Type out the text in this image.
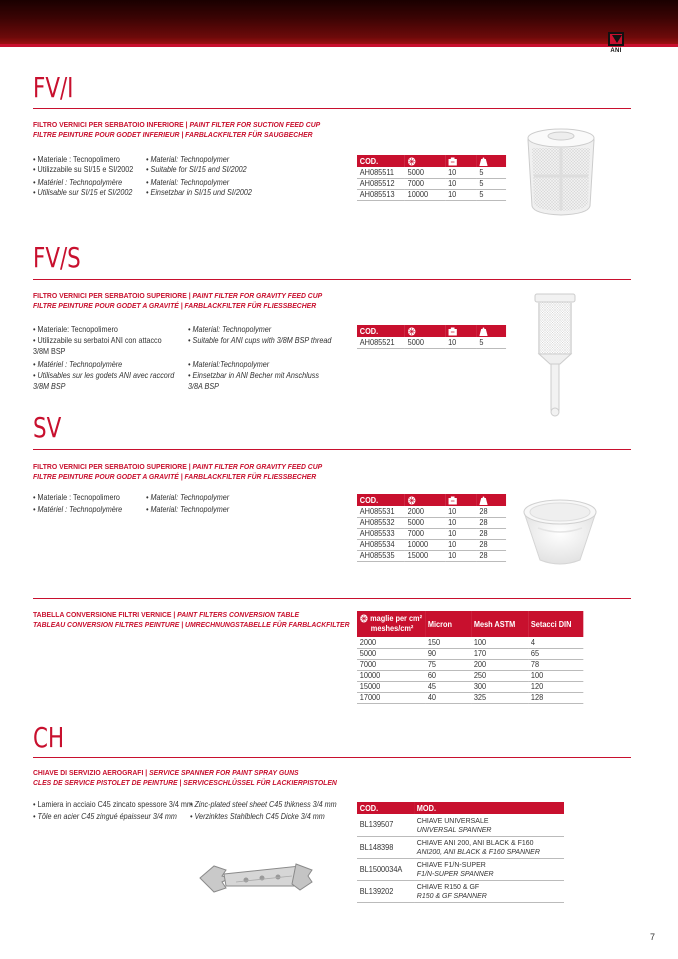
ANI
FV/I
FILTRO VERNICI PER SERBATOIO INFERIORE | PAINT FILTER FOR SUCTION FEED CUP
FILTRE PEINTURE POUR GODET INFERIEUR | FARBLACKFILTER FÜR SAUGBECHER
• Materiale : Tecnopolimero
• Utilizzabile su SI/15 e SI/2002
• Matériel : Technopolymère
• Utilisable sur SI/15 et SI/2002
• Material: Technopolymer
• Suitable for SI/15 and SI/2002
• Material: Technopolymer
• Einsetzbar in SI/15 und SI/2002
COD.			
AH085511	5000	10	5
AH085512	7000	10	5
AH085513	10000	10	5
FV/S
FILTRO VERNICI PER SERBATOIO SUPERIORE | PAINT FILTER FOR GRAVITY FEED CUP
FILTRE PEINTURE POUR GODET A GRAVITÉ | FARBLACKFILTER FÜR FLIESSBECHER
• Materiale: Tecnopolimero
• Utilizzabile su serbatoi ANI con attacco
3/8M BSP
• Matériel : Technopolymère
• Utilisables sur les godets ANI avec raccord
3/8M BSP
• Material: Technopolymer
• Suitable for ANI cups with 3/8M BSP thread
• Material:Technopolymer
• Einsetzbar in ANI Becher mit Anschluss
3/8A BSP
COD.			
AH085521	5000	10	5
SV
FILTRO VERNICI PER SERBATOIO SUPERIORE | PAINT FILTER FOR GRAVITY FEED CUP
FILTRE PEINTURE POUR GODET A GRAVITÉ | FARBLACKFILTER FÜR FLIESSBECHER
• Materiale : Tecnopolimero
• Matériel : Technopolymère
• Material: Technopolymer
• Material: Technopolymer
COD.			
AH085531	2000	10	28
AH085532	5000	10	28
AH085533	7000	10	28
AH085534	10000	10	28
AH085535	15000	10	28
TABELLA CONVERSIONE FILTRI VERNICE | PAINT FILTERS CONVERSION TABLE
TABLEAU CONVERSION FILTRES PEINTURE | UMRECHNUNGSTABELLE FÜR FARBLACKFILTER
maglie per cm²
meshes/cm²	Micron	Mesh ASTM	Setacci DIN
2000	150	100	4
5000	90	170	65
7000	75	200	78
10000	60	250	100
15000	45	300	120
17000	40	325	128
CH
CHIAVE DI SERVIZIO AEROGRAFI | SERVICE SPANNER FOR PAINT SPRAY GUNS
CLES DE SERVICE PISTOLET DE PEINTURE | SERVICESCHLÜSSEL FÜR LACKIERPISTOLEN
• Lamiera in acciaio C45 zincato spessore 3/4 mm
• Tôle en acier C45 zingué épaisseur 3/4 mm
• Zinc-plated steel sheet C45 thikness 3/4 mm
• Verzinktes Stahlblech C45 Dicke 3/4 mm
COD.	MOD.
BL139507	CHIAVE UNIVERSALE
UNIVERSAL SPANNER

BL148398	CHIAVE ANI 200, ANI BLACK & F160
ANI200, ANI BLACK & F160 SPANNER

BL1500034A	CHIAVE F1/N-SUPER
F1/N-SUPER SPANNER

BL139202	CHIAVE R150 & GF
R150 & GF SPANNER
7
